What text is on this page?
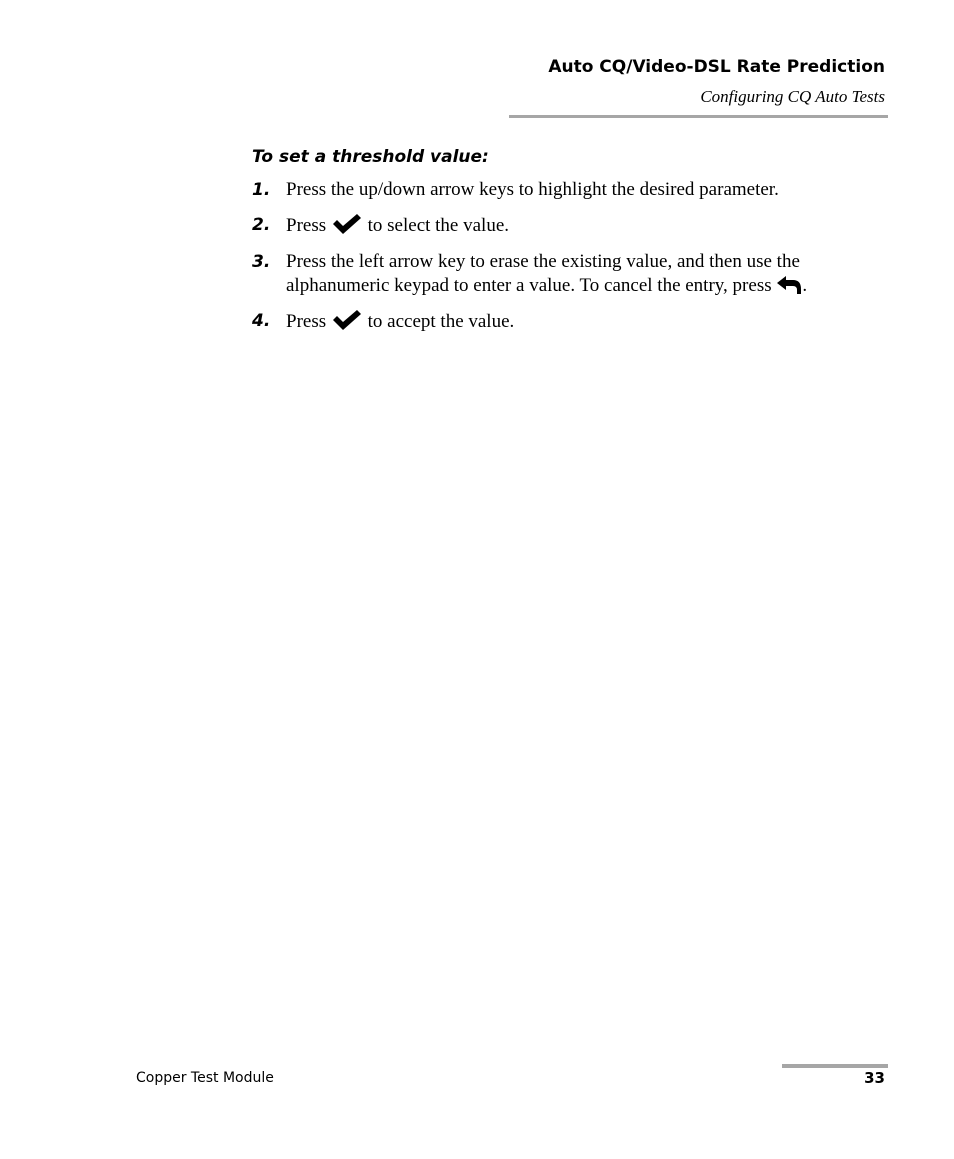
Auto CQ/Video-DSL Rate Prediction
Configuring CQ Auto Tests
To set a threshold value:
1. Press the up/down arrow keys to highlight the desired parameter.
2. Press to select the value.
3. Press the left arrow key to erase the existing value, and then use the alphanumeric keypad to enter a value. To cancel the entry, press .
4. Press to accept the value.
Copper Test Module	33
